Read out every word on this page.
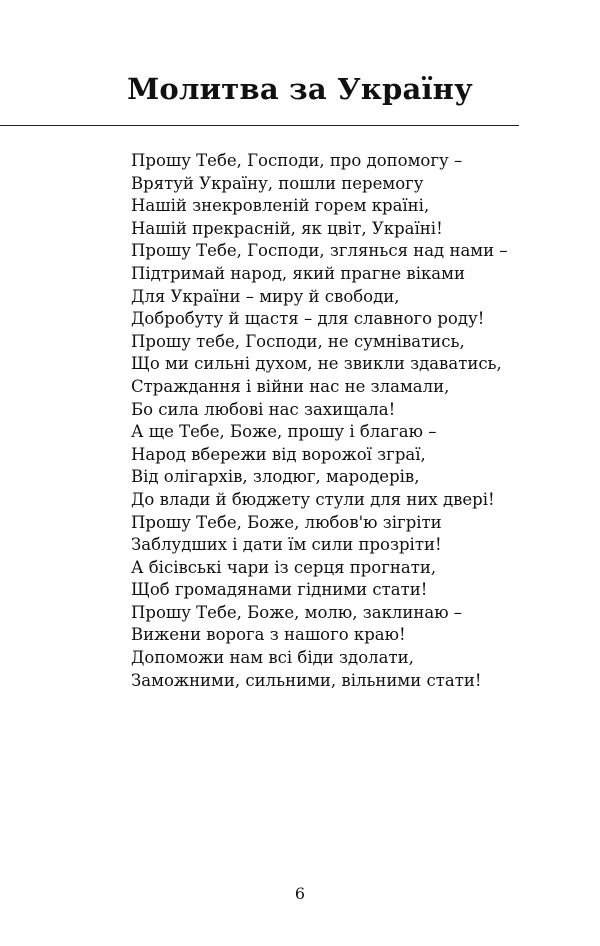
Молитва за Україну
Прошу Тебе, Господи, про допомогу –
Врятуй Україну, пошли перемогу
Нашій знекровленій горем країні,
Нашій прекрасній, як цвіт, Україні!
Прошу Тебе, Господи, зглянься над нами –
Підтримай народ, який прагне віками
Для України – миру й свободи,
Добробуту й щастя – для славного роду!
Прошу тебе, Господи, не сумніватись,
Що ми сильні духом, не звикли здаватись,
Страждання і війни нас не зламали,
Бо сила любові нас захищала!
А ще Тебе, Боже, прошу і благаю –
Народ вбережи від ворожої зграї,
Від олігархів, злодюг, мародерів,
До влади й бюджету стули для них двері!
Прошу Тебе, Боже, любов'ю зігріти
Заблудших і дати їм сили прозріти!
А бісівські чари із серця прогнати,
Щоб громадянами гідними стати!
Прошу Тебе, Боже, молю, заклинаю –
Вижени ворога з нашого краю!
Допоможи нам всі біди здолати,
Заможними, сильними, вільними стати!
6
